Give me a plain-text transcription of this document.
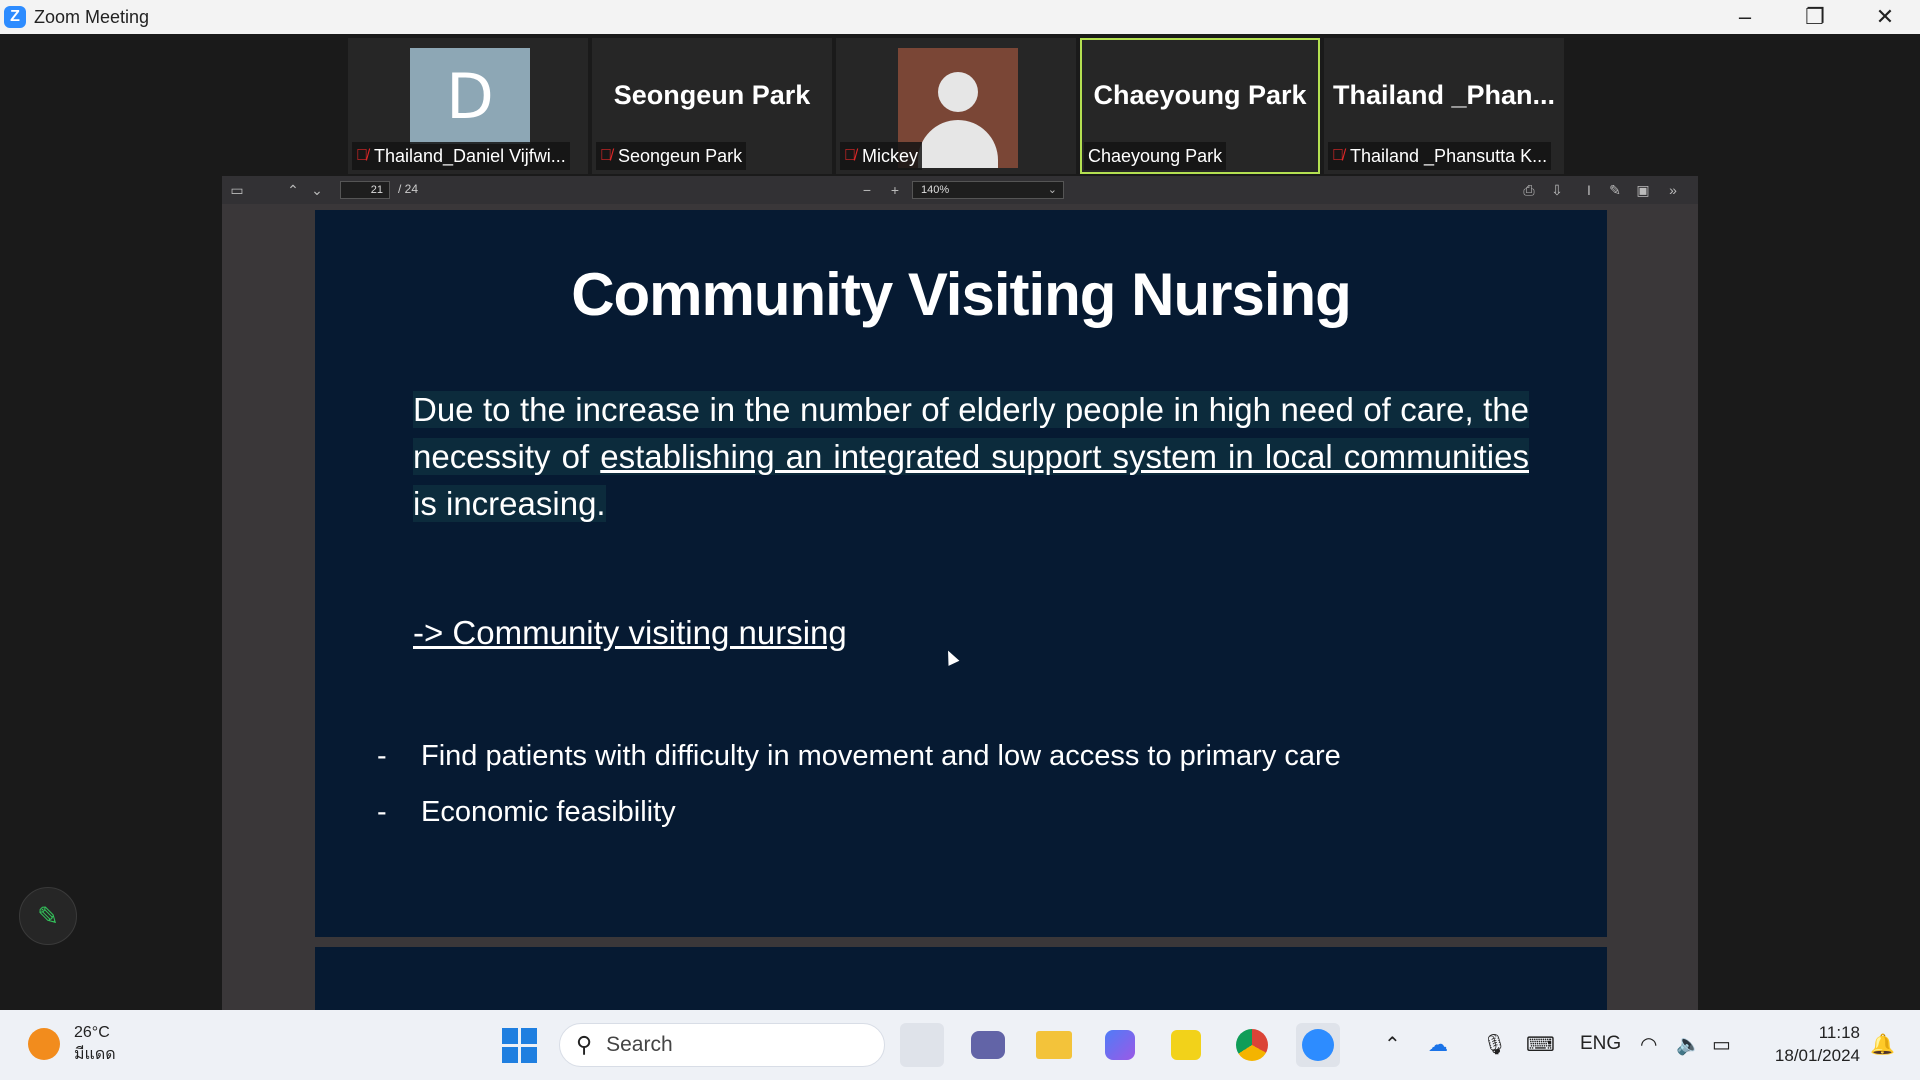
Z Zoom Meeting	–	❐	✕
D
🎙̸ Thailand_Daniel Vijfwi...
Seongeun Park
🎙̸ Seongeun Park	🎙̸ Mickey
Chaeyoung Park
Chaeyoung Park
Thailand _Phan...
🎙̸ Thailand _Phansutta K...
▭	⌃ ⌄
21	/ 24	−	+	140%	⌄	⎙	⇩	I	✎	▣	»
Community Visiting Nursing
Due to the increase in the number of elderly people in high need of care, the necessity of establishing an integrated support system in local communities is increasing.
-> Community visiting nursing
-	Find patients with difficulty in movement and low access to primary care
-	Economic feasibility
✎
26°C
มีแดด	⚲ Search	⌃ ☁ 🎙 ⌨ ENG ◠ 🔈 ▭
11:18
18/01/2024 🔔
